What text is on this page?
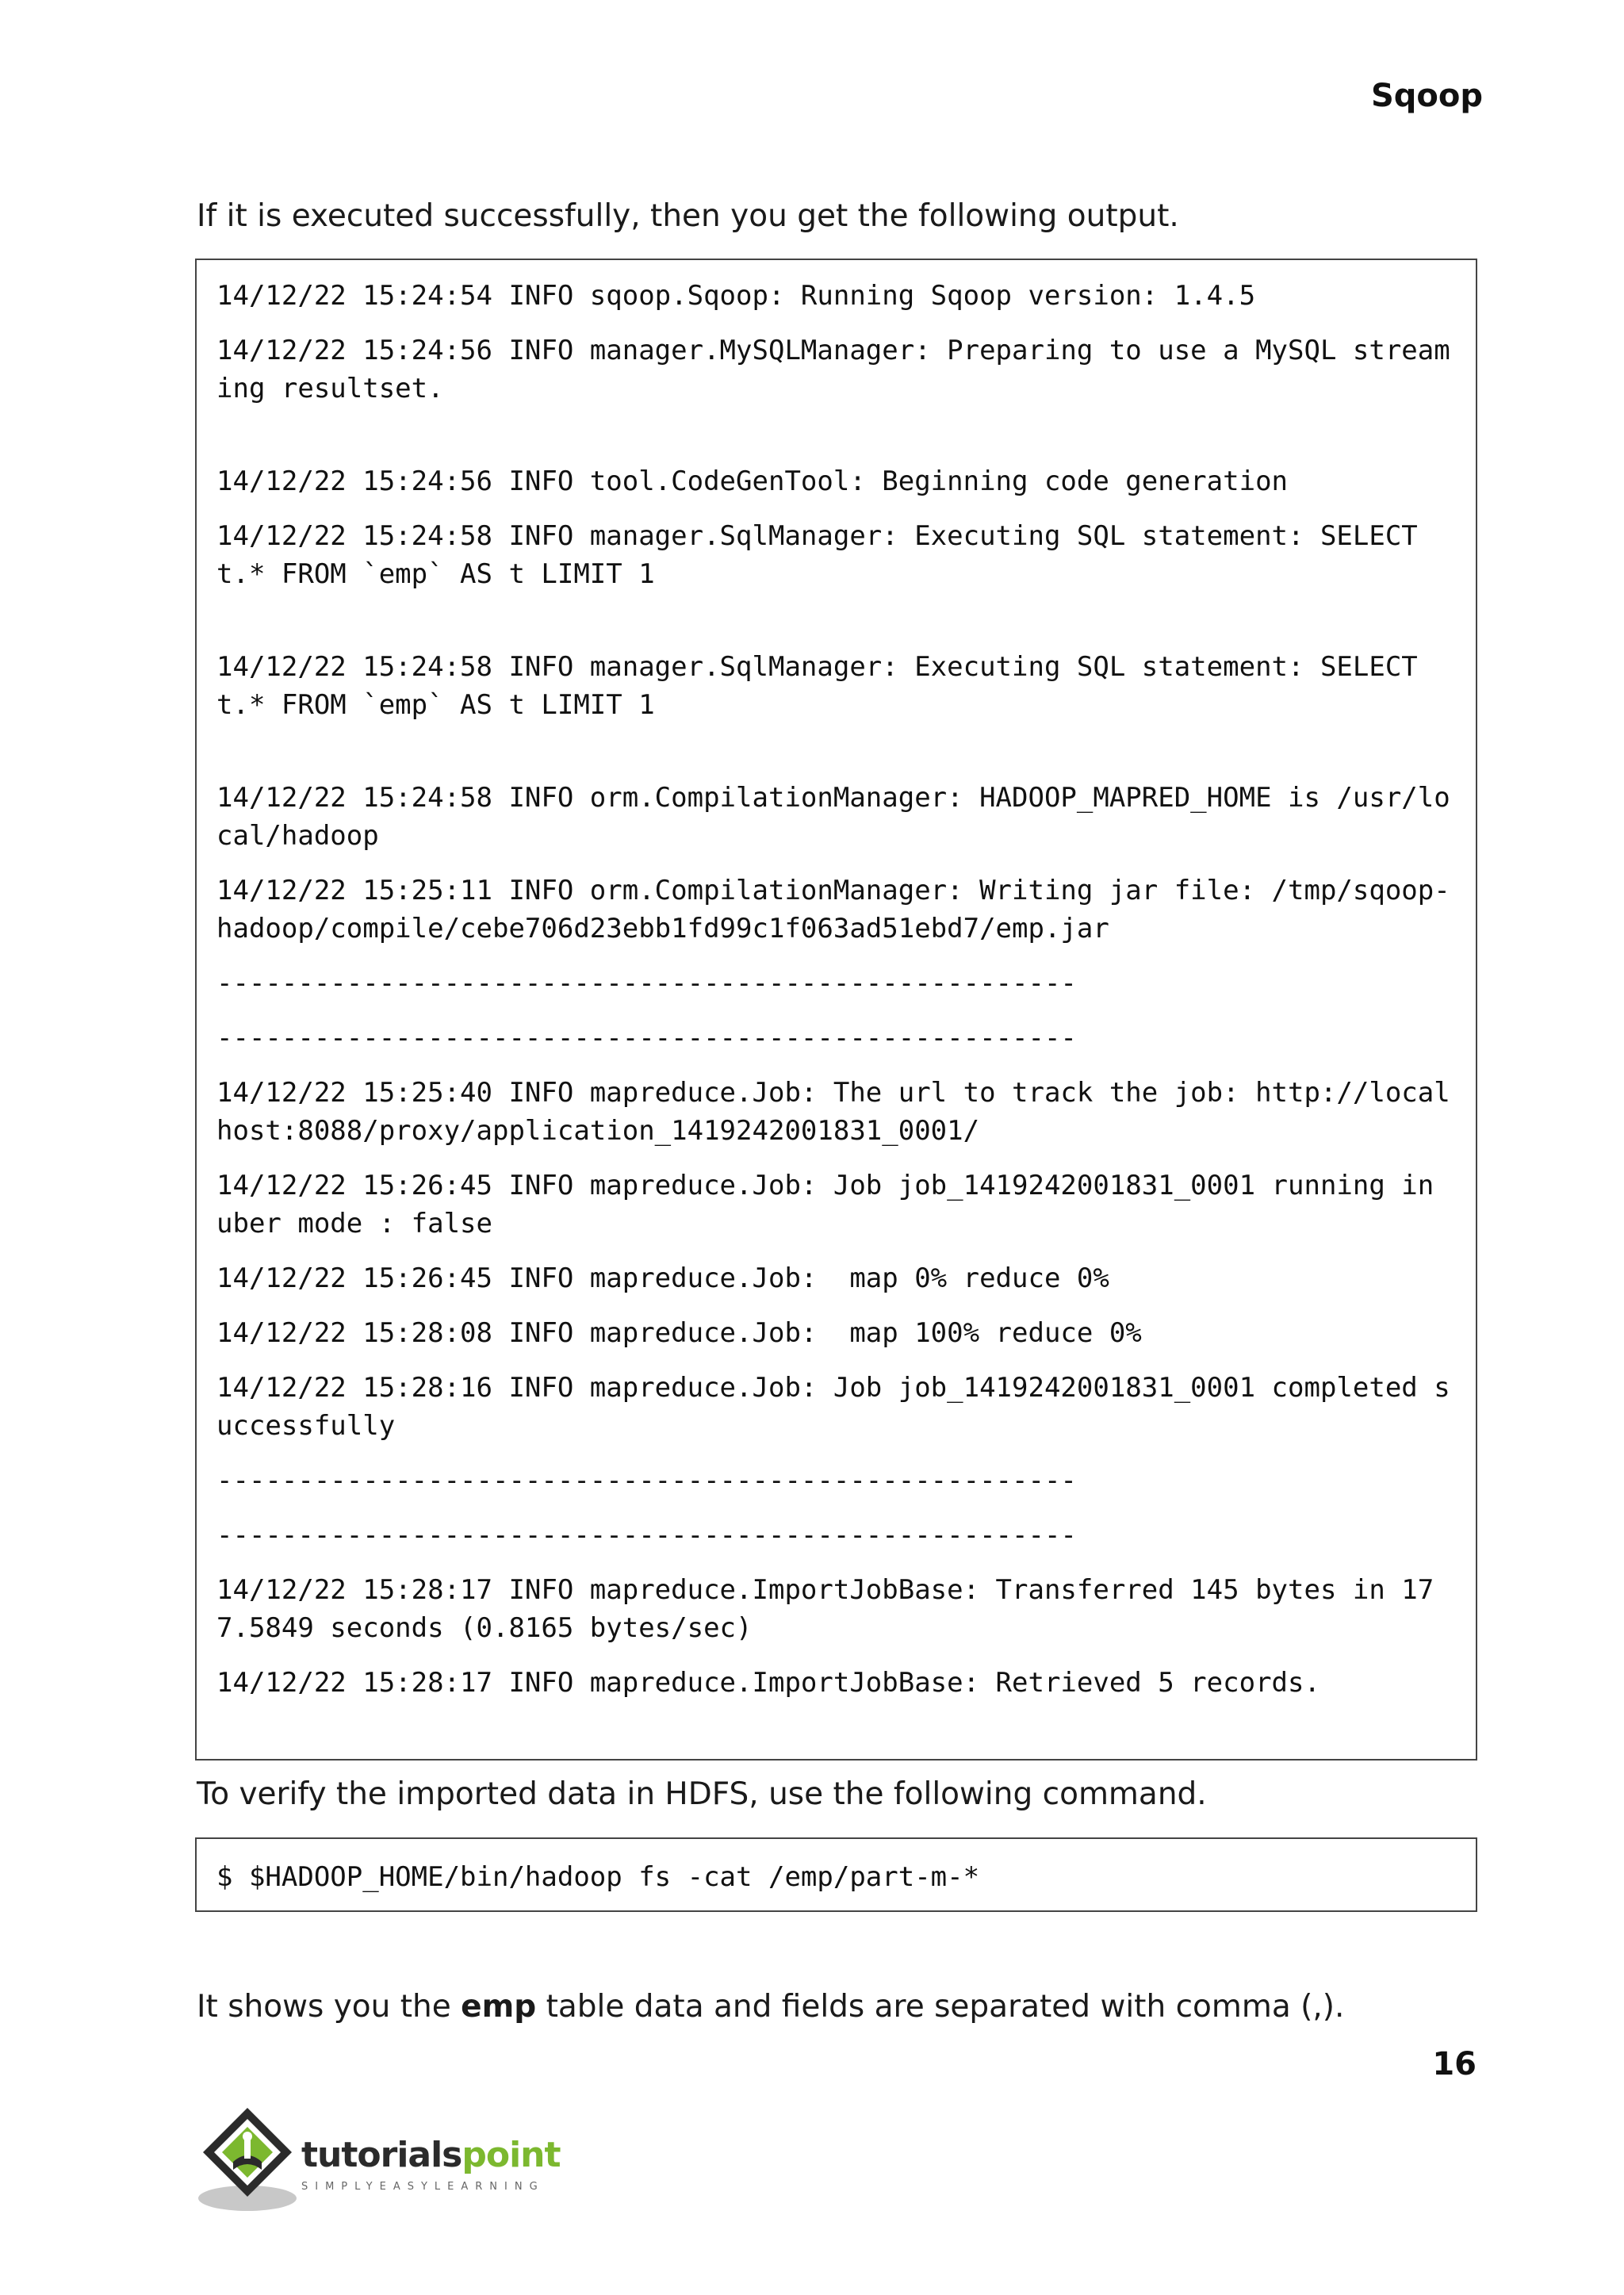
Sqoop
If it is executed successfully, then you get the following output.
14/12/22 15:24:54 INFO sqoop.Sqoop: Running Sqoop version: 1.4.5
14/12/22 15:24:56 INFO manager.MySQLManager: Preparing to use a MySQL streaming resultset.
14/12/22 15:24:56 INFO tool.CodeGenTool: Beginning code generation
14/12/22 15:24:58 INFO manager.SqlManager: Executing SQL statement: SELECT t.* FROM `emp` AS t LIMIT 1
14/12/22 15:24:58 INFO manager.SqlManager: Executing SQL statement: SELECT t.* FROM `emp` AS t LIMIT 1
14/12/22 15:24:58 INFO orm.CompilationManager: HADOOP_MAPRED_HOME is /usr/local/hadoop
14/12/22 15:25:11 INFO orm.CompilationManager: Writing jar file: /tmp/sqoop-hadoop/compile/cebe706d23ebb1fd99c1f063ad51ebd7/emp.jar
-----------------------------------------------------
-----------------------------------------------------
14/12/22 15:25:40 INFO mapreduce.Job: The url to track the job: http://localhost:8088/proxy/application_1419242001831_0001/
14/12/22 15:26:45 INFO mapreduce.Job: Job job_1419242001831_0001 running in uber mode : false
14/12/22 15:26:45 INFO mapreduce.Job:  map 0% reduce 0%
14/12/22 15:28:08 INFO mapreduce.Job:  map 100% reduce 0%
14/12/22 15:28:16 INFO mapreduce.Job: Job job_1419242001831_0001 completed successfully
-----------------------------------------------------
-----------------------------------------------------
14/12/22 15:28:17 INFO mapreduce.ImportJobBase: Transferred 145 bytes in 177.5849 seconds (0.8165 bytes/sec)
14/12/22 15:28:17 INFO mapreduce.ImportJobBase: Retrieved 5 records.
To verify the imported data in HDFS, use the following command.
$ $HADOOP_HOME/bin/hadoop fs -cat /emp/part-m-*
It shows you the emp table data and fields are separated with comma (,).
16
tutorialspoint
SIMPLYEASYLEARNING
